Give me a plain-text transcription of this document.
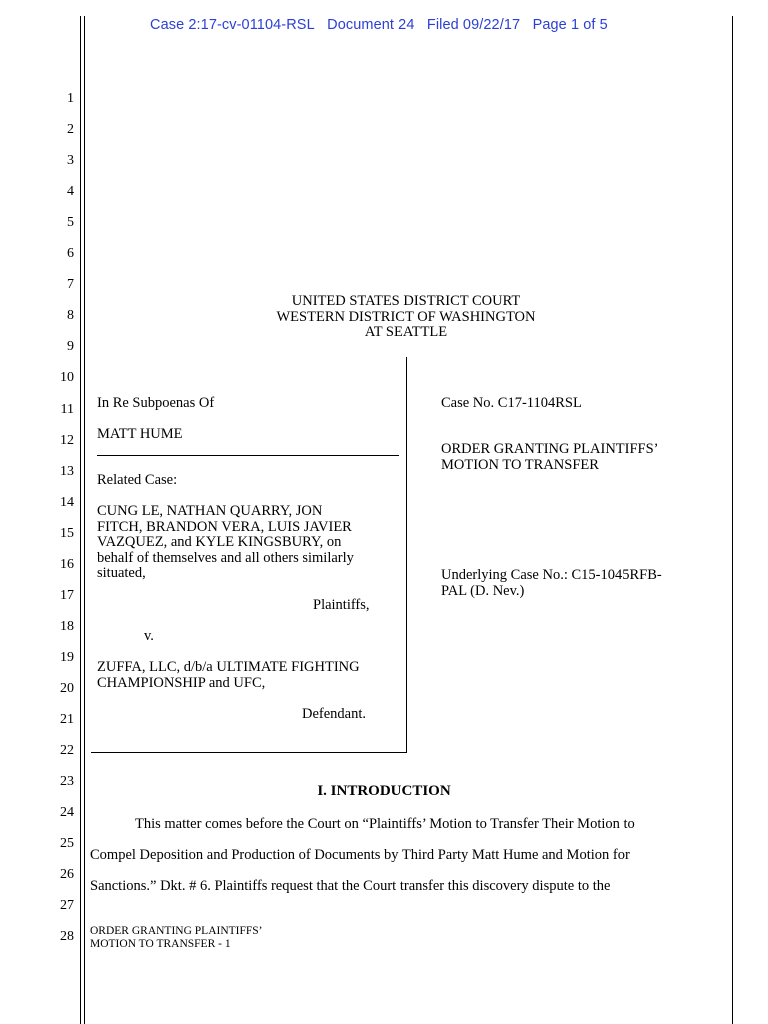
Case 2:17-cv-01104-RSL Document 24 Filed 09/22/17 Page 1 of 5
1
2
3
4
5
6
7
8
9
10
11
12
13
14
15
16
17
18
19
20
21
22
23
24
25
26
27
28
UNITED STATES DISTRICT COURT
WESTERN DISTRICT OF WASHINGTON
AT SEATTLE
In Re Subpoenas Of
MATT HUME
Related Case:
CUNG LE, NATHAN QUARRY, JON
FITCH, BRANDON VERA, LUIS JAVIER
VAZQUEZ, and KYLE KINGSBURY, on
behalf of themselves and all others similarly
situated,
Plaintiffs,
v.
ZUFFA, LLC, d/b/a ULTIMATE FIGHTING
CHAMPIONSHIP and UFC,
Defendant.
Case No. C17-1104RSL
ORDER GRANTING PLAINTIFFS’
MOTION TO TRANSFER
Underlying Case No.: C15-1045RFB-
PAL (D. Nev.)
I. INTRODUCTION
This matter comes before the Court on “Plaintiffs’ Motion to Transfer Their Motion to
Compel Deposition and Production of Documents by Third Party Matt Hume and Motion for
Sanctions.” Dkt. # 6. Plaintiffs request that the Court transfer this discovery dispute to the
ORDER GRANTING PLAINTIFFS’
MOTION TO TRANSFER - 1
